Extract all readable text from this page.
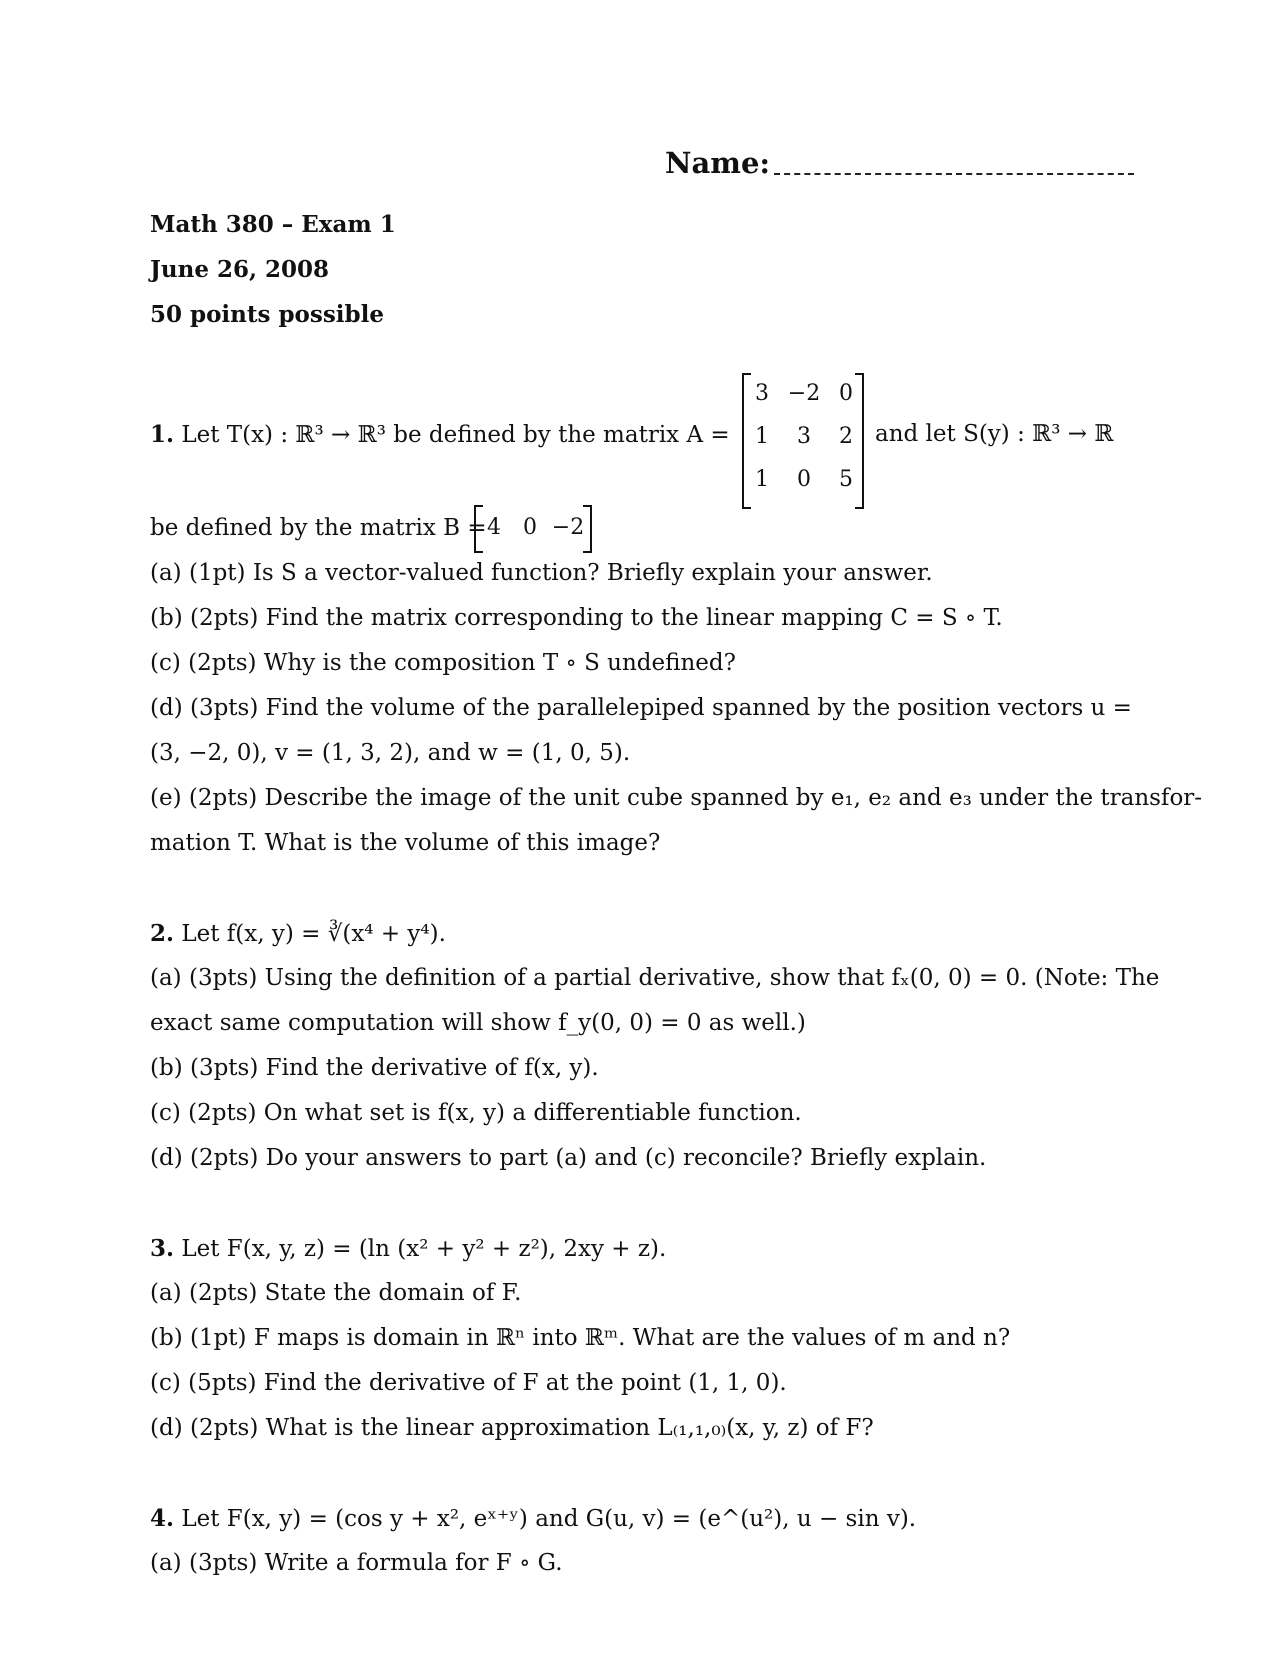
Name:
Math 380 – Exam 1
June 26, 2008
50 points possible
1. Let T(x) : ℝ³ → ℝ³ be defined by the matrix A =
3 −2 0
1	3	2
1	0	5
and let S(y) : ℝ³ → ℝ
be defined by the matrix B = 4	0 −2
(a) (1pt) Is S a vector-valued function? Briefly explain your answer.
(b) (2pts) Find the matrix corresponding to the linear mapping C = S ∘ T.
(c) (2pts) Why is the composition T ∘ S undefined?
(d) (3pts) Find the volume of the parallelepiped spanned by the position vectors u =
(3, −2, 0), v = (1, 3, 2), and w = (1, 0, 5).
(e) (2pts) Describe the image of the unit cube spanned by e₁, e₂ and e₃ under the transfor-
mation T. What is the volume of this image?
2. Let f(x, y) = ∛(x⁴ + y⁴).
(a) (3pts) Using the definition of a partial derivative, show that fₓ(0, 0) = 0. (Note: The
exact same computation will show f_y(0, 0) = 0 as well.)
(b) (3pts) Find the derivative of f(x, y).
(c) (2pts) On what set is f(x, y) a differentiable function.
(d) (2pts) Do your answers to part (a) and (c) reconcile? Briefly explain.
3. Let F(x, y, z) = (ln (x² + y² + z²), 2xy + z).
(a) (2pts) State the domain of F.
(b) (1pt) F maps is domain in ℝⁿ into ℝᵐ. What are the values of m and n?
(c) (5pts) Find the derivative of F at the point (1, 1, 0).
(d) (2pts) What is the linear approximation L₍₁,₁,₀₎(x, y, z) of F?
4. Let F(x, y) = (cos y + x², eˣ⁺ʸ) and G(u, v) = (e^(u²), u − sin v).
(a) (3pts) Write a formula for F ∘ G.
